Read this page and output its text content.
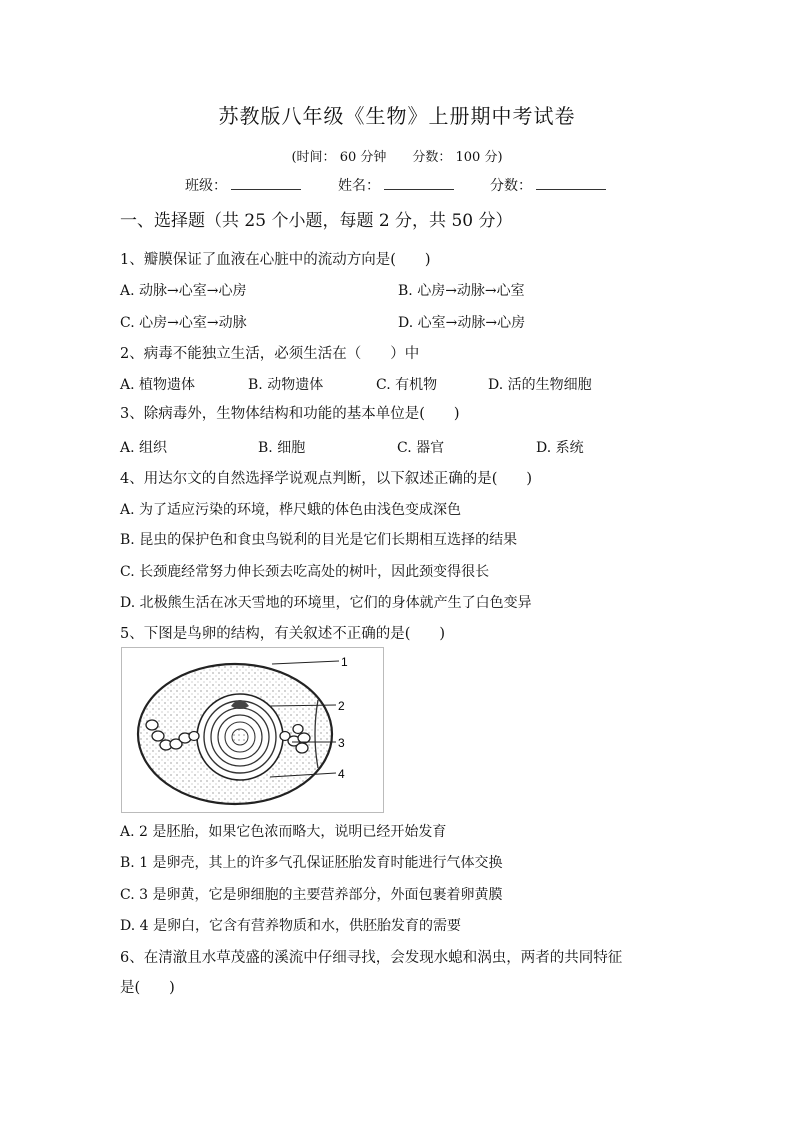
苏教版八年级《生物》上册期中考试卷
(时间： 60 分钟　　分数： 100 分)
班级：	姓名：	分数：
一、选择题（共 25 个小题，每题 2 分，共 50 分）
1、瓣膜保证了血液在心脏中的流动方向是(　　)
A. 动脉→心室→心房	B. 心房→动脉→心室
C. 心房→心室→动脉	D. 心室→动脉→心房
2、病毒不能独立生活，必须生活在（　　）中
A. 植物遗体	B. 动物遗体	C. 有机物	D. 活的生物细胞
3、除病毒外，生物体结构和功能的基本单位是(　　)
A. 组织	B. 细胞	C. 器官	D. 系统
4、用达尔文的自然选择学说观点判断，以下叙述正确的是(　　)
A. 为了适应污染的环境，桦尺蛾的体色由浅色变成深色
B. 昆虫的保护色和食虫鸟锐利的目光是它们长期相互选择的结果
C. 长颈鹿经常努力伸长颈去吃高处的树叶，因此颈变得很长
D. 北极熊生活在冰天雪地的环境里，它们的身体就产生了白色变异
5、下图是鸟卵的结构，有关叙述不正确的是(　　)
1
2
3
4
A. 2 是胚胎，如果它色浓而略大，说明已经开始发育
B. 1 是卵壳，其上的许多气孔保证胚胎发育时能进行气体交换
C. 3 是卵黄，它是卵细胞的主要营养部分，外面包裹着卵黄膜
D. 4 是卵白，它含有营养物质和水，供胚胎发育的需要
6、在清澈且水草茂盛的溪流中仔细寻找，会发现水螅和涡虫，两者的共同特征
是(　　)
